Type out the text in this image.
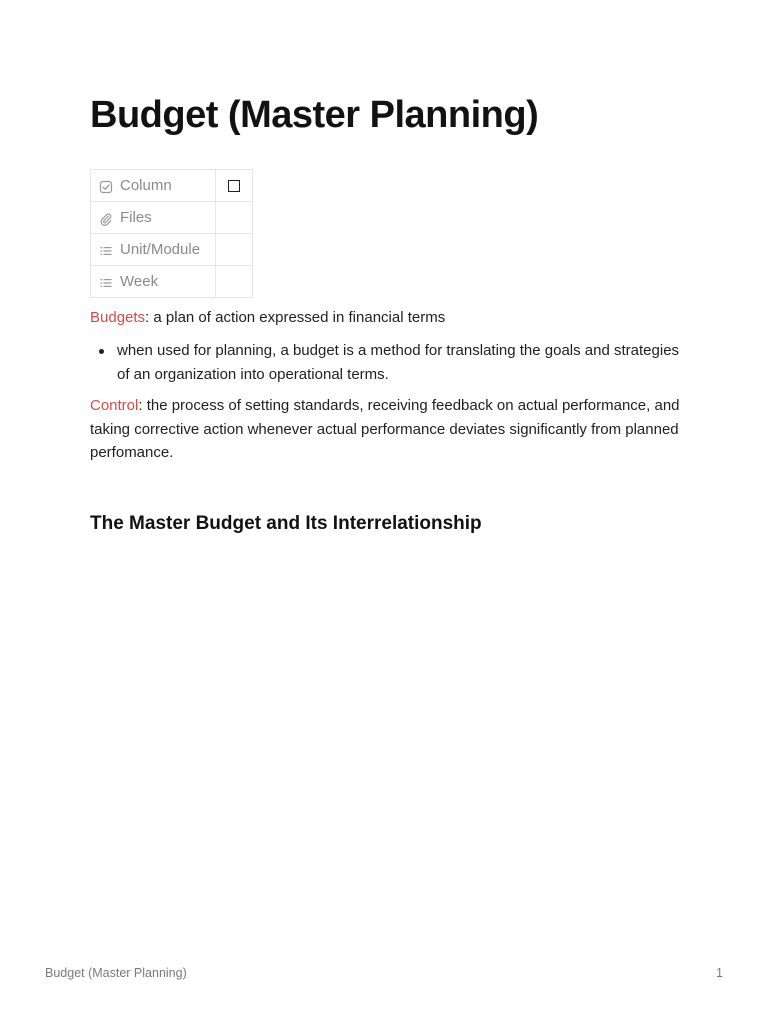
Budget (Master Planning)
Column	

Files	

Unit/Module	

Week	

Budgets: a plan of action expressed in financial terms

when used for planning, a budget is a method for translating the goals and strategies of an organization into operational terms.

Control: the process of setting standards, receiving feedback on actual performance, and taking corrective action whenever actual performance deviates significantly from planned perfomance.

The Master Budget and Its Interrelationship
Budget (Master Planning)	1
